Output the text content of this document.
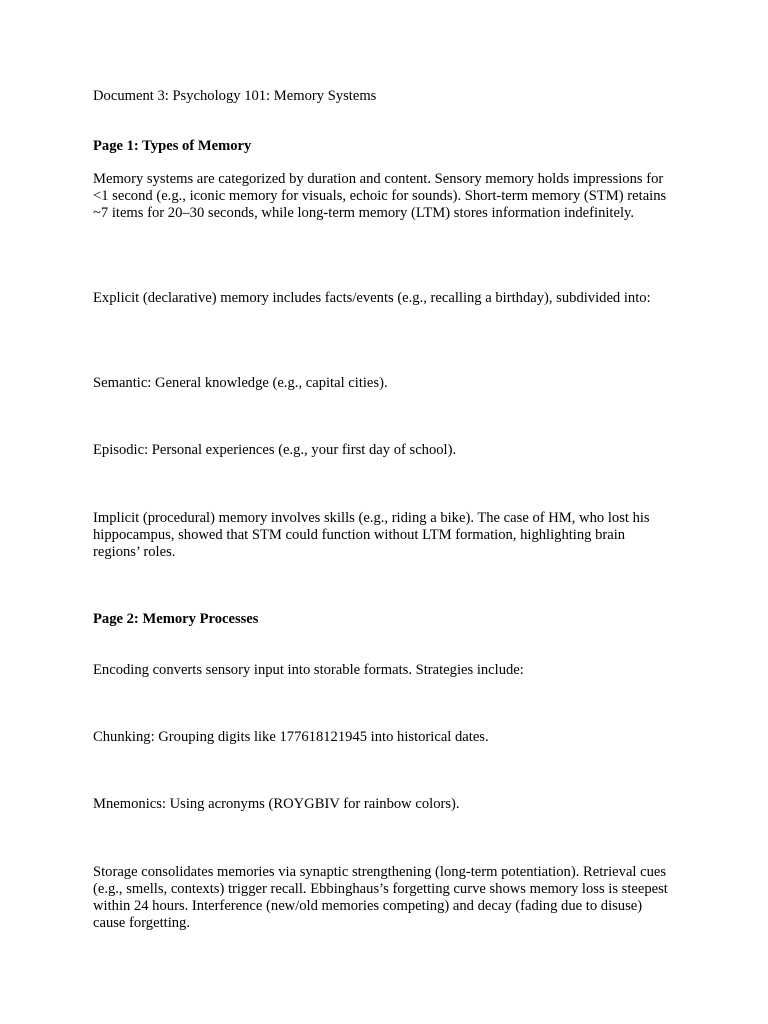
Document 3: Psychology 101: Memory Systems

Page 1: Types of Memory

Memory systems are categorized by duration and content. Sensory memory holds impressions for <1 second (e.g., iconic memory for visuals, echoic for sounds). Short-term memory (STM) retains ~7 items for 20–30 seconds, while long-term memory (LTM) stores information indefinitely.

Explicit (declarative) memory includes facts/events (e.g., recalling a birthday), subdivided into:

Semantic: General knowledge (e.g., capital cities).

Episodic: Personal experiences (e.g., your first day of school).

Implicit (procedural) memory involves skills (e.g., riding a bike). The case of HM, who lost his hippocampus, showed that STM could function without LTM formation, highlighting brain regions’ roles.

Page 2: Memory Processes

Encoding converts sensory input into storable formats. Strategies include:

Chunking: Grouping digits like 177618121945 into historical dates.

Mnemonics: Using acronyms (ROYGBIV for rainbow colors).

Storage consolidates memories via synaptic strengthening (long-term potentiation). Retrieval cues (e.g., smells, contexts) trigger recall. Ebbinghaus’s forgetting curve shows memory loss is steepest within 24 hours. Interference (new/old memories competing) and decay (fading due to disuse) cause forgetting.
